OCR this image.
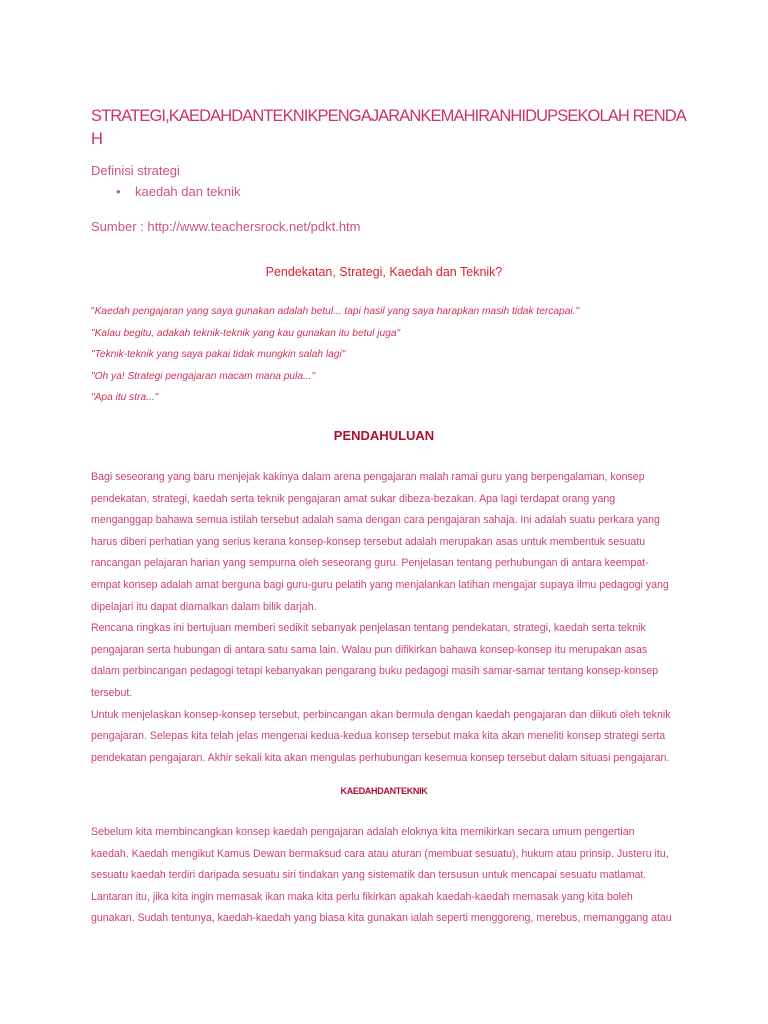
STRATEGI,KAEDAHDANTEKNIKPENGAJARANKEMAHIRANHIDUPSEKOLAH RENDAH
Definisi strategi
• kaedah dan teknik
Sumber : http://www.teachersrock.net/pdkt.htm
Pendekatan, Strategi, Kaedah dan Teknik?
"Kaedah pengajaran yang saya gunakan adalah betul... tapi hasil yang saya harapkan masih tidak tercapai."
"Kalau begitu, adakah teknik-teknik yang kau gunakan itu betul juga"
"Teknik-teknik yang saya pakai tidak mungkin salah lagi"
"Oh ya! Strategi pengajaran macam mana pula..."
"Apa itu stra..."
PENDAHULUAN

Bagi seseorang yang baru menjejak kakinya dalam arena pengajaran malah ramai guru yang berpengalaman, konsep

pendekatan, strategi, kaedah serta teknik pengajaran amat sukar dibeza-bezakan. Apa lagi terdapat orang yang

menganggap bahawa semua istilah tersebut adalah sama dengan cara pengajaran sahaja. Ini adalah suatu perkara yang

harus diberi perhatian yang serius kerana konsep-konsep tersebut adalah merupakan asas untuk membentuk sesuatu

rancangan pelajaran harian yang sempurna oleh seseorang guru. Penjelasan tentang perhubungan di antara keempat-

empat konsep adalah amat berguna bagi guru-guru pelatih yang menjalankan latihan mengajar supaya ilmu pedagogi yang

dipelajari itu dapat diamalkan dalam bilik darjah.

Rencana ringkas ini bertujuan memberi sedikit sebanyak penjelasan tentang pendekatan, strategi, kaedah serta teknik

pengajaran serta hubungan di antara satu sama lain. Walau pun difikirkan bahawa konsep-konsep itu merupakan asas

dalam perbincangan pedagogi tetapi kebanyakan pengarang buku pedagogi masih samar-samar tentang konsep-konsep

tersebut.

Untuk menjelaskan konsep-konsep tersebut, perbincangan akan bermula dengan kaedah pengajaran dan diikuti oleh teknik

pengajaran. Selepas kita telah jelas mengenai kedua-kedua konsep tersebut maka kita akan meneliti konsep strategi serta

pendekatan pengajaran. Akhir sekali kita akan mengulas perhubungan kesemua konsep tersebut dalam situasi pengajaran.

KAEDAHDANTEKNIK

Sebelum kita membincangkan konsep kaedah pengajaran adalah eloknya kita memikirkan secara umum pengertian

kaedah. Kaedah mengikut Kamus Dewan bermaksud cara atau aturan (membuat sesuatu), hukum atau prinsip. Justeru itu,

sesuatu kaedah terdiri daripada sesuatu siri tindakan yang sistematik dan tersusun untuk mencapai sesuatu matlamat.

Lantaran itu, jika kita ingin memasak ikan maka kita perlu fikirkan apakah kaedah-kaedah memasak yang kita boleh

gunakan. Sudah tentunya, kaedah-kaedah yang biasa kita gunakan ialah seperti menggoreng, merebus, memanggang atau
